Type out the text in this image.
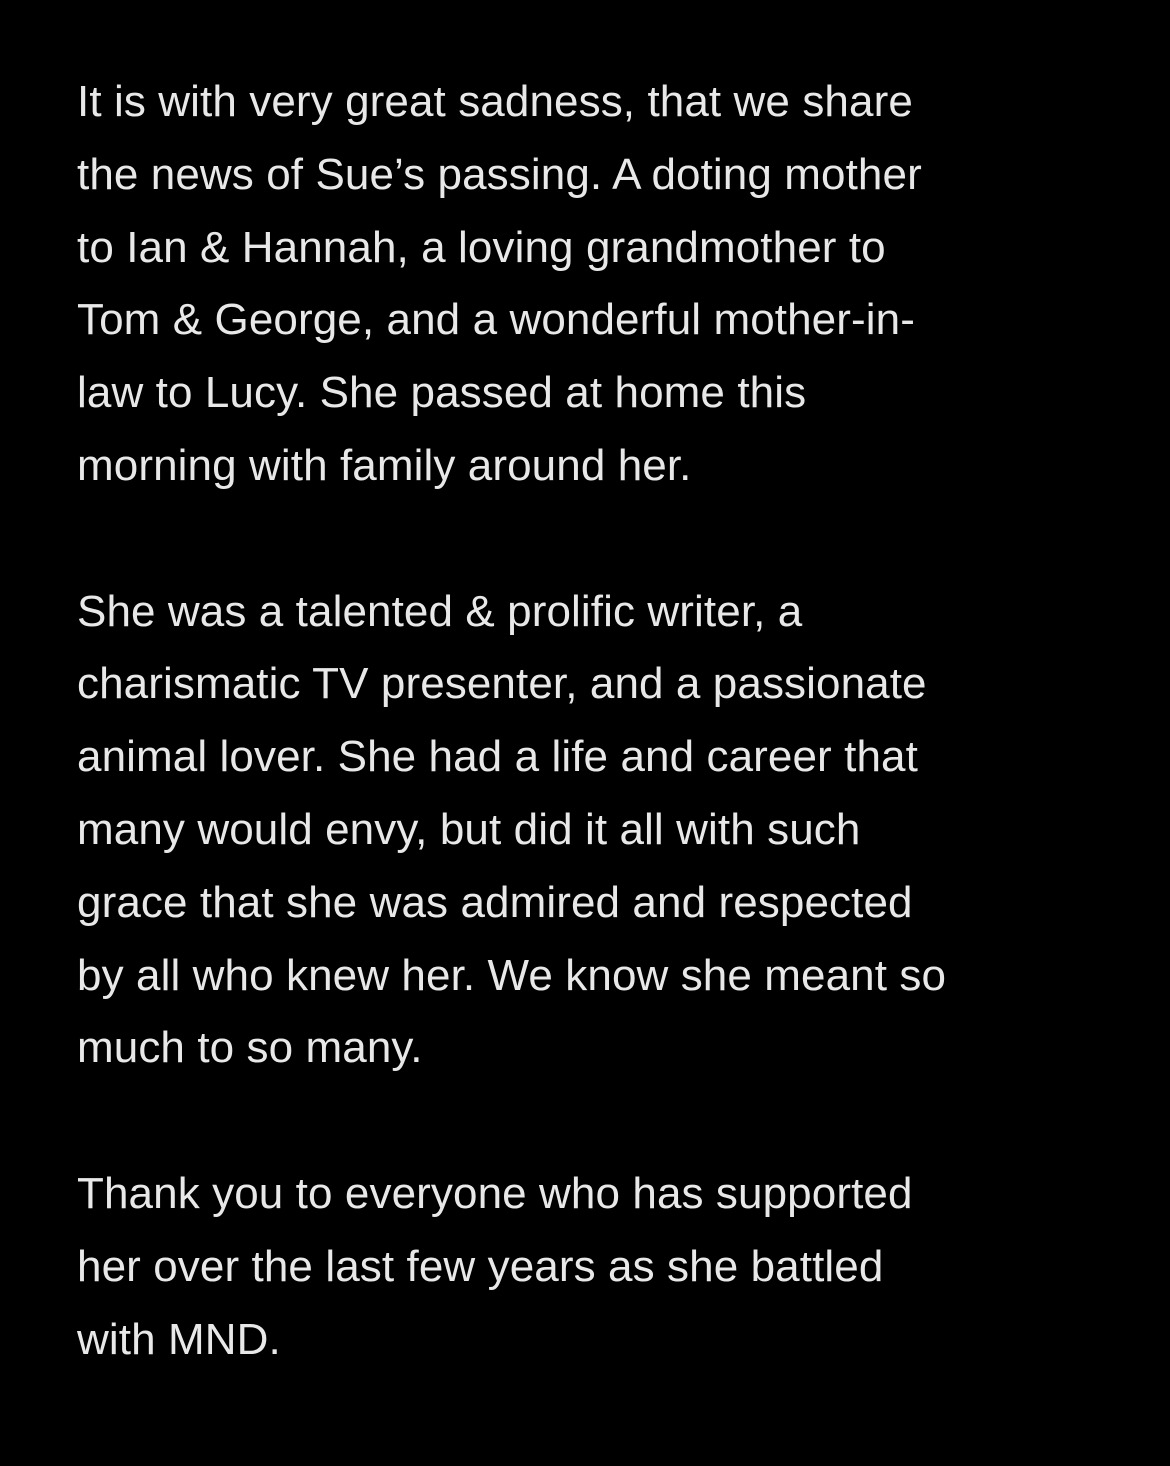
It is with very great sadness, that we share
the news of Sue’s passing. A doting mother
to Ian & Hannah, a loving grandmother to
Tom & George, and a wonderful mother-in-
law to Lucy. She passed at home this
morning with family around her.

She was a talented & prolific writer, a
charismatic TV presenter, and a passionate
animal lover. She had a life and career that
many would envy, but did it all with such
grace that she was admired and respected
by all who knew her. We know she meant so
much to so many.

Thank you to everyone who has supported
her over the last few years as she battled
with MND.
